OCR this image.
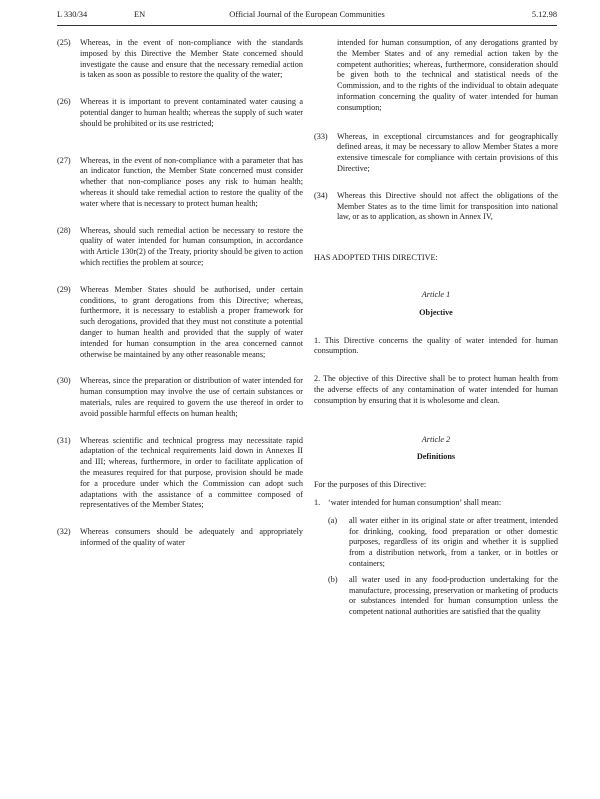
L 330/34	EN	Official Journal of the European Communities	5.12.98
(25) Whereas, in the event of non-compliance with the standards imposed by this Directive the Member State concerned should investigate the cause and ensure that the necessary remedial action is taken as soon as possible to restore the quality of the water;
(26) Whereas it is important to prevent contaminated water causing a potential danger to human health; whereas the supply of such water should be prohibited or its use restricted;
(27) Whereas, in the event of non-compliance with a parameter that has an indicator function, the Member State concerned must consider whether that non-compliance poses any risk to human health; whereas it should take remedial action to restore the quality of the water where that is necessary to protect human health;
(28) Whereas, should such remedial action be necessary to restore the quality of water intended for human consumption, in accordance with Article 130r(2) of the Treaty, priority should be given to action which rectifies the problem at source;
(29) Whereas Member States should be authorised, under certain conditions, to grant derogations from this Directive; whereas, furthermore, it is necessary to establish a proper framework for such derogations, provided that they must not constitute a potential danger to human health and provided that the supply of water intended for human consumption in the area concerned cannot otherwise be maintained by any other reasonable means;
(30) Whereas, since the preparation or distribution of water intended for human consumption may involve the use of certain substances or materials, rules are required to govern the use thereof in order to avoid possible harmful effects on human health;
(31) Whereas scientific and technical progress may necessitate rapid adaptation of the technical requirements laid down in Annexes II and III; whereas, furthermore, in order to facilitate application of the measures required for that purpose, provision should be made for a procedure under which the Commission can adopt such adaptations with the assistance of a committee composed of representatives of the Member States;
(32) Whereas consumers should be adequately and appropriately informed of the quality of water
intended for human consumption, of any derogations granted by the Member States and of any remedial action taken by the competent authorities; whereas, furthermore, consideration should be given both to the technical and statistical needs of the Commission, and to the rights of the individual to obtain adequate information concerning the quality of water intended for human consumption;
(33) Whereas, in exceptional circumstances and for geographically defined areas, it may be necessary to allow Member States a more extensive timescale for compliance with certain provisions of this Directive;
(34) Whereas this Directive should not affect the obligations of the Member States as to the time limit for transposition into national law, or as to application, as shown in Annex IV,
HAS ADOPTED THIS DIRECTIVE:
Article 1
Objective
1. This Directive concerns the quality of water intended for human consumption.
2. The objective of this Directive shall be to protect human health from the adverse effects of any contamination of water intended for human consumption by ensuring that it is wholesome and clean.
Article 2
Definitions
For the purposes of this Directive:
1. ‘water intended for human consumption’ shall mean:
(a) all water either in its original state or after treatment, intended for drinking, cooking, food preparation or other domestic purposes, regardless of its origin and whether it is supplied from a distribution network, from a tanker, or in bottles or containers;
(b) all water used in any food-production undertaking for the manufacture, processing, preservation or marketing of products or substances intended for human consumption unless the competent national authorities are satisfied that the quality
